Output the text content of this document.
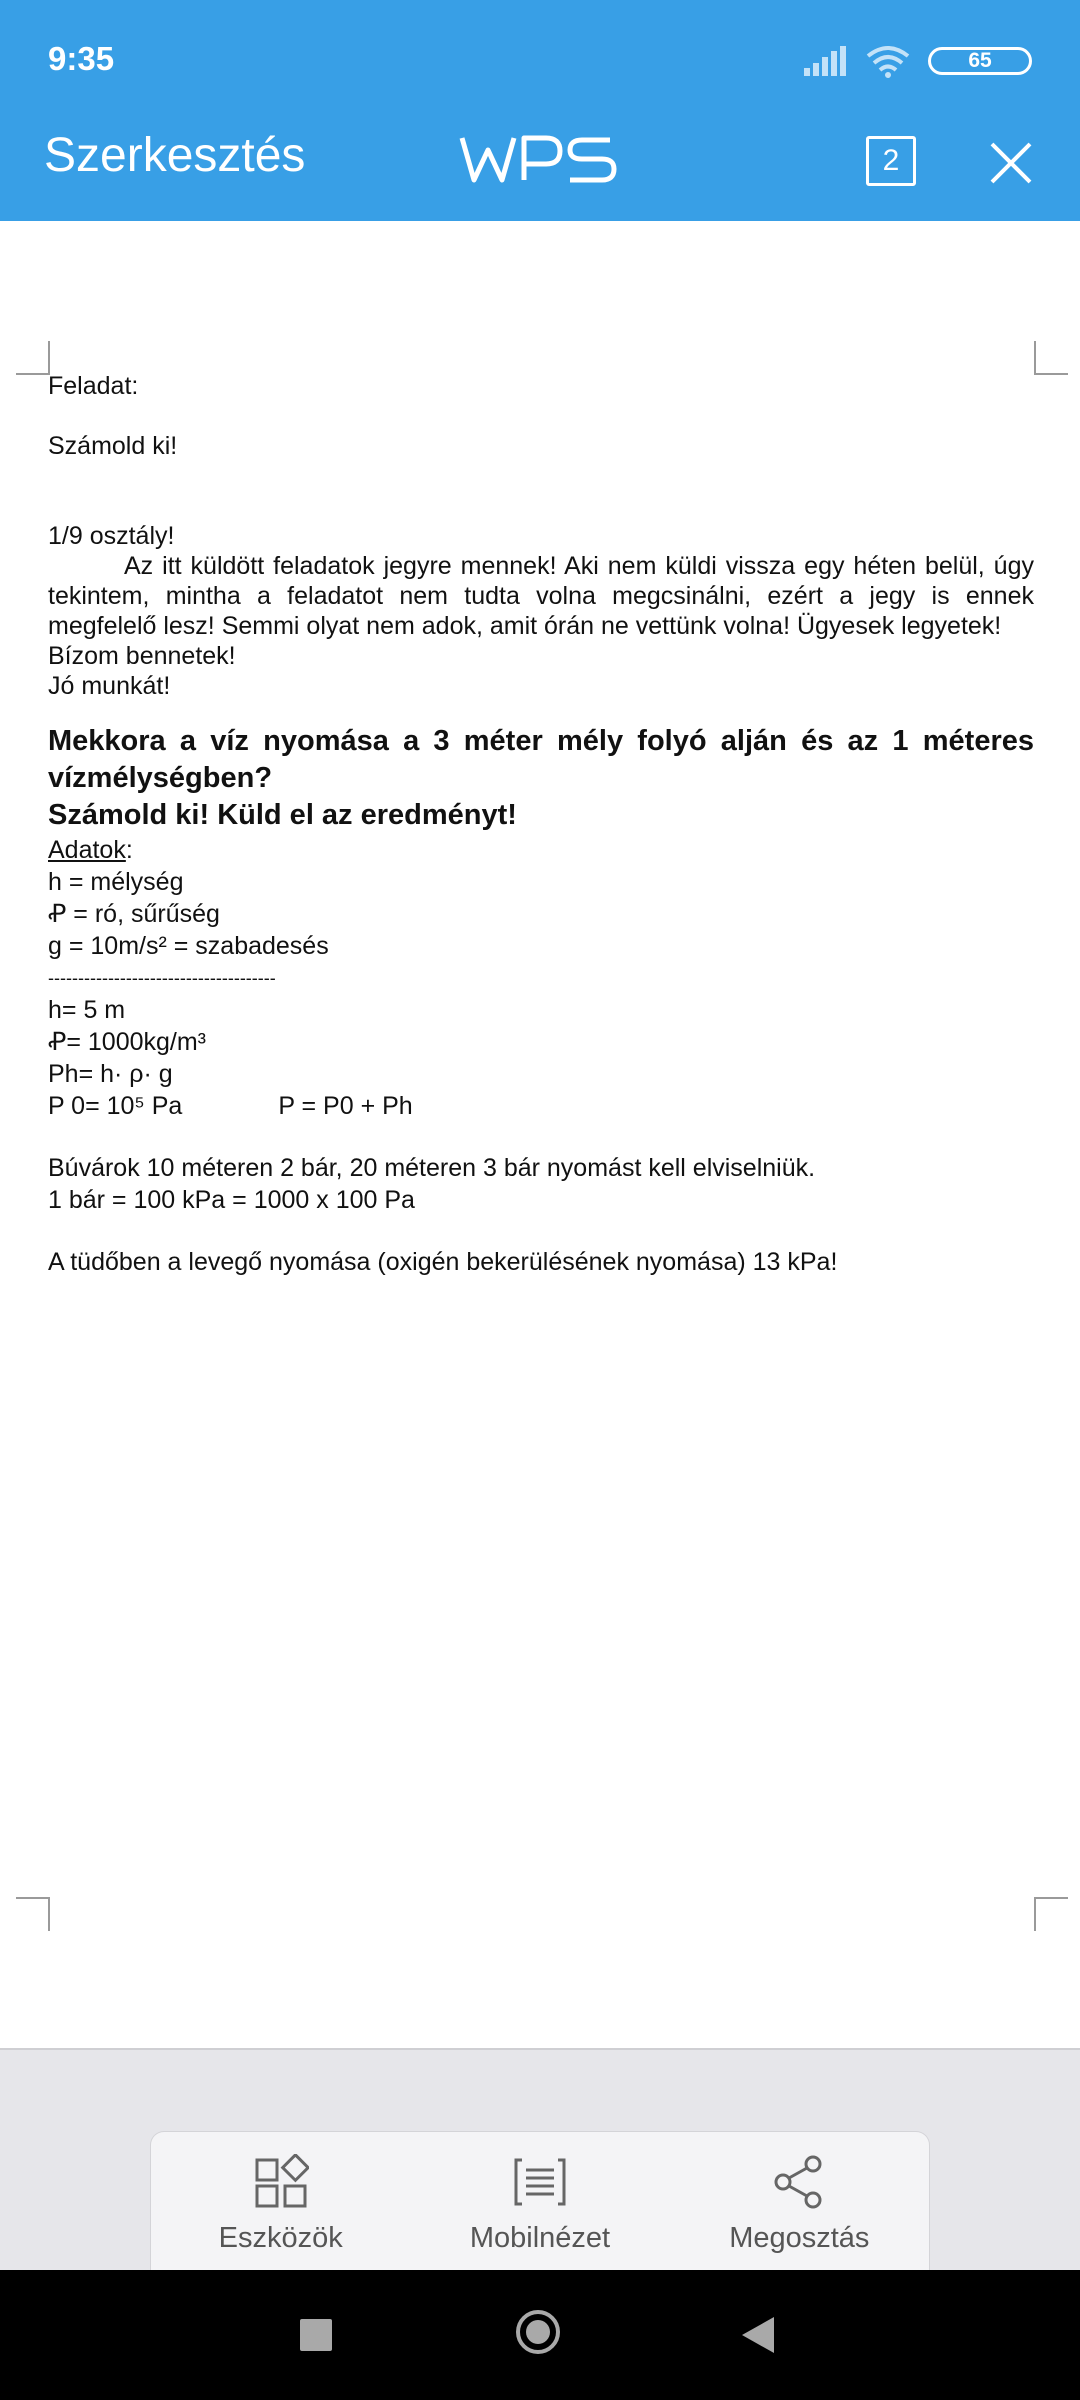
9:35	65
Szerkesztés	2

Feladat:

Számold ki!

1/9 osztály!

Az itt küldött feladatok jegyre mennek! Aki nem küldi vissza egy héten belül, úgy tekintem, mintha a feladatot nem tudta volna megcsinálni, ezért a jegy is ennek megfelelő lesz! Semmi olyat nem adok, amit órán ne vettünk volna! Ügyesek legyetek!

Bízom bennetek!

Jó munkát!

Mekkora a víz nyomása a 3 méter mély folyó alján és az 1 méteres vízmélységben?

Számold ki! Küld el az eredményt!

Adatok:

h = mélység

Ꝓ = ró, sűrűség

g = 10m/s² = szabadesés

--------------------------------------

h= 5 m

Ꝓ= 1000kg/m³

Ph= h· ρ· g

P 0= 10⁵ Pa	P = P0 + Ph

Búvárok 10 méteren 2 bár, 20 méteren 3 bár nyomást kell elviselniük.

1 bár = 100 kPa = 1000 x 100 Pa

A tüdőben a levegő nyomása (oxigén bekerülésének nyomása) 13 kPa!

Eszközök	Mobilnézet	Megosztás
